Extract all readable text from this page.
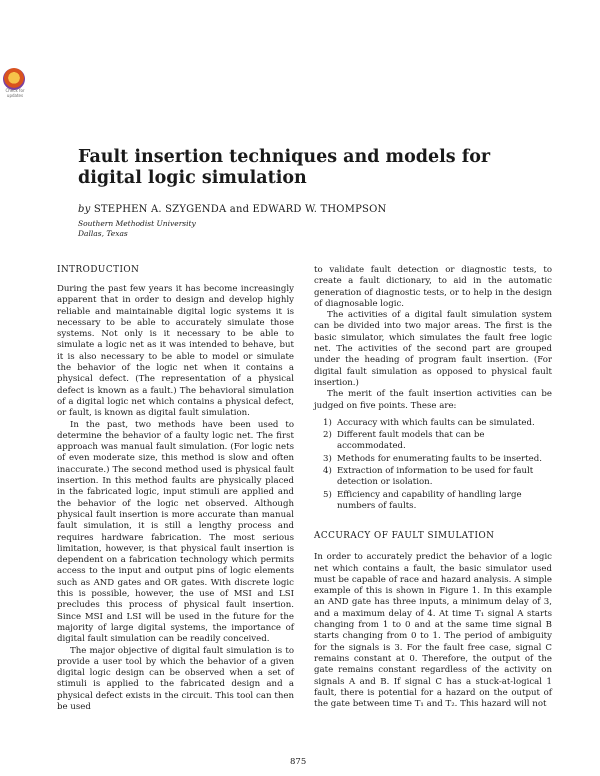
Check for updates
Fault insertion techniques and models for digital logic simulation
by STEPHEN A. SZYGENDA and EDWARD W. THOMPSON
Southern Methodist University
Dallas, Texas
INTRODUCTION

During the past few years it has become increasingly apparent that in order to design and develop highly reliable and maintainable digital logic systems it is necessary to be able to accurately simulate those systems. Not only is it necessary to be able to simulate a logic net as it was intended to behave, but it is also necessary to be able to model or simulate the behavior of the logic net when it contains a physical defect. (The representation of a physical defect is known as a fault.) The behavioral simulation of a digital logic net which contains a physical defect, or fault, is known as digital fault simulation.

In the past, two methods have been used to determine the behavior of a faulty logic net. The first approach was manual fault simulation. (For logic nets of even moderate size, this method is slow and often inaccurate.) The second method used is physical fault insertion. In this method faults are physically placed in the fabricated logic, input stimuli are applied and the behavior of the logic net observed. Although physical fault insertion is more accurate than manual fault simulation, it is still a lengthy process and requires hardware fabrication. The most serious limitation, however, is that physical fault insertion is dependent on a fabrication technology which permits access to the input and output pins of logic elements such as AND gates and OR gates. With discrete logic this is possible, however, the use of MSI and LSI precludes this process of physical fault insertion. Since MSI and LSI will be used in the future for the majority of large digital systems, the importance of digital fault simulation can be readily conceived.

The major objective of digital fault simulation is to provide a user tool by which the behavior of a given digital logic design can be observed when a set of stimuli is applied to the fabricated design and a physical defect exists in the circuit. This tool can then be used

to validate fault detection or diagnostic tests, to create a fault dictionary, to aid in the automatic generation of diagnostic tests, or to help in the design of diagnosable logic.

The activities of a digital fault simulation system can be divided into two major areas. The first is the basic simulator, which simulates the fault free logic net. The activities of the second part are grouped under the heading of program fault insertion. (For digital fault simulation as opposed to physical fault insertion.)

The merit of the fault insertion activities can be judged on five points. These are:

1) Accuracy with which faults can be simulated.
2) Different fault models that can be accommodated.
3) Methods for enumerating faults to be inserted.
4) Extraction of information to be used for fault detection or isolation.
5) Efficiency and capability of handling large numbers of faults.
ACCURACY OF FAULT SIMULATION

In order to accurately predict the behavior of a logic net which contains a fault, the basic simulator used must be capable of race and hazard analysis. A simple example of this is shown in Figure 1. In this example an AND gate has three inputs, a minimum delay of 3, and a maximum delay of 4. At time T₁ signal A starts changing from 1 to 0 and at the same time signal B starts changing from 0 to 1. The period of ambiguity for the signals is 3. For the fault free case, signal C remains constant at 0. Therefore, the output of the gate remains constant regardless of the activity on signals A and B. If signal C has a stuck-at-logical 1 fault, there is potential for a hazard on the output of the gate between time T₁ and T₂. This hazard will not

875
